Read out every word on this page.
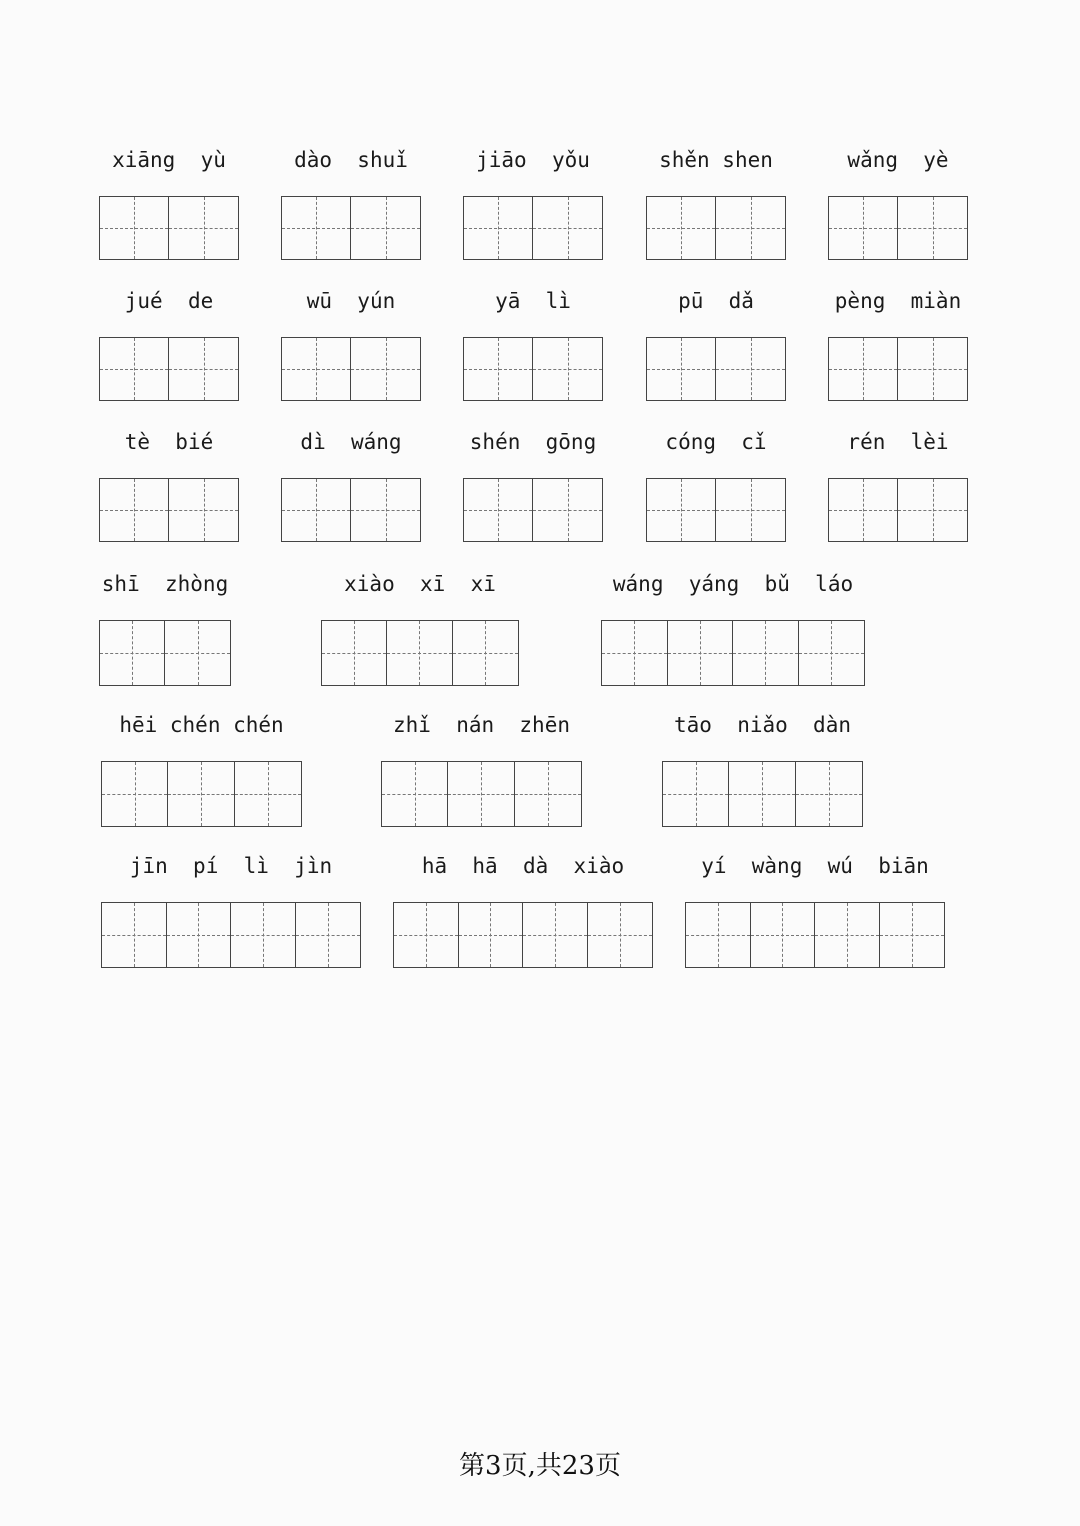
xiāng  yù	dào  shuǐ	jiāo  yǒu	shěn shen	wǎng  yè
jué  de	wū  yún	yā  lì	pū  dǎ	pèng  miàn
tè  bié	dì  wáng	shén  gōng	cóng  cǐ	rén  lèi
shī  zhòng	xiào  xī  xī	wáng  yáng  bǔ  láo
hēi chén chén	zhǐ  nán  zhēn	tāo  niǎo  dàn
jīn  pí  lì  jìn	hā  hā  dà  xiào	yí  wàng  wú  biān
第3页,共23页
